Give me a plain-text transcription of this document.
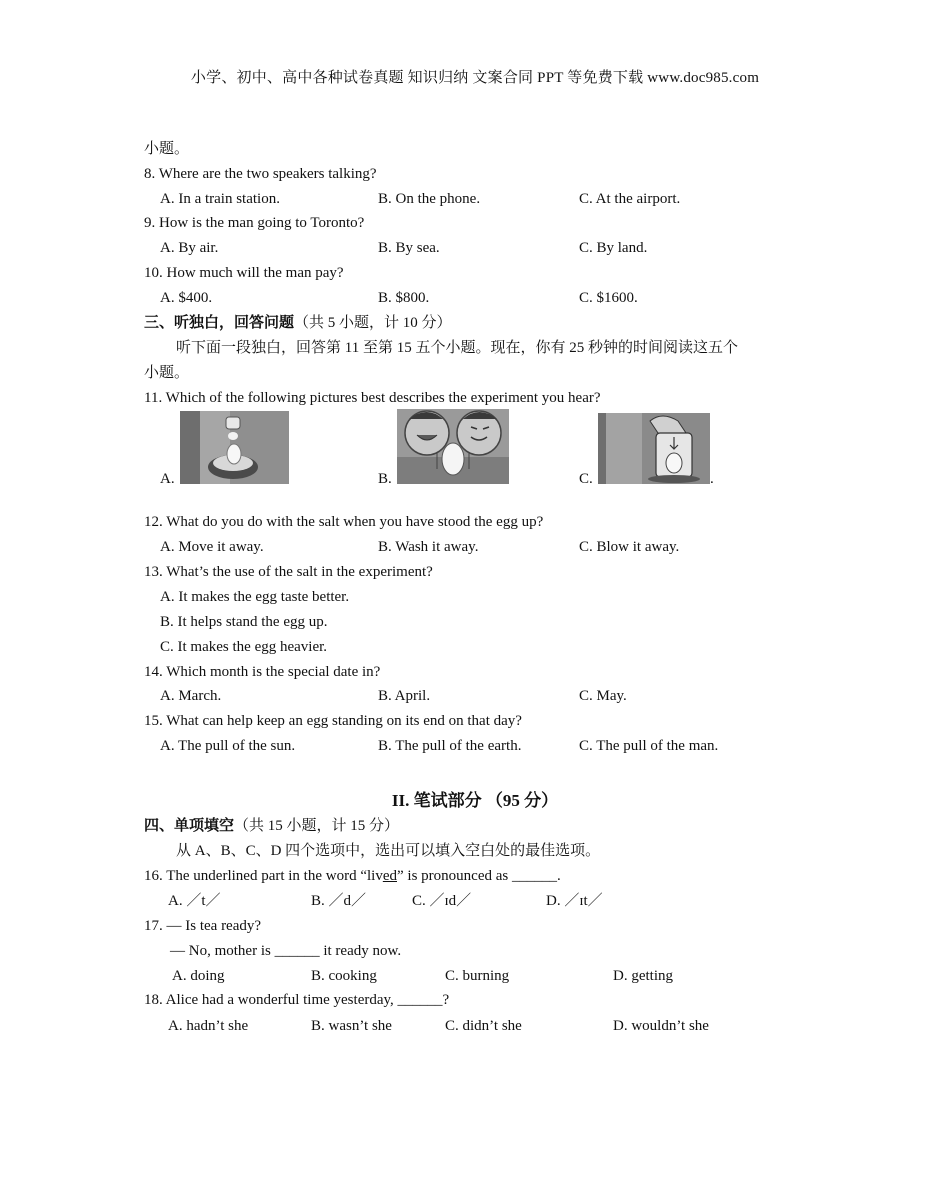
小学、初中、高中各种试卷真题 知识归纳 文案合同 PPT 等免费下载 www.doc985.com
小题。
8. Where are the two speakers talking?
A. In a train station.	B. On the phone.	C. At the airport.
9. How is the man going to Toronto?
A. By air.	B. By sea.	C. By land.
10. How much will the man pay?
A. $400.	B. $800.	C. $1600.
三、听独白，回答问题（共 5 小题，计 10 分）
听下面一段独白，回答第 11 至第 15 五个小题。现在，你有 25 秒钟的时间阅读这五个
小题。
11. Which of the following pictures best describes the experiment you hear?
A.	B.	C.	.
12. What do you do with the salt when you have stood the egg up?
A. Move it away.	B. Wash it away.	C. Blow it away.
13. What’s the use of the salt in the experiment?
A. It makes the egg taste better.
B. It helps stand the egg up.
C. It makes the egg heavier.
14. Which month is the special date in?
A. March.	B. April.	C. May.
15. What can help keep an egg standing on its end on that day?
A. The pull of the sun.	B. The pull of the earth.	C. The pull of the man.
II. 笔试部分 （95 分）
四、单项填空（共 15 小题，计 15 分）
从 A、B、C、D 四个选项中，选出可以填入空白处的最佳选项。
16. The underlined part in the word “lived” is pronounced as ______.
A. ／t／	B. ／d／	C. ／ɪd／	D. ／ɪt／
17. — Is tea ready?
— No, mother is ______ it ready now.
A. doing	B. cooking	C. burning	D. getting
18. Alice had a wonderful time yesterday, ______?
A. hadn’t she	B. wasn’t she	C. didn’t she	D. wouldn’t she
